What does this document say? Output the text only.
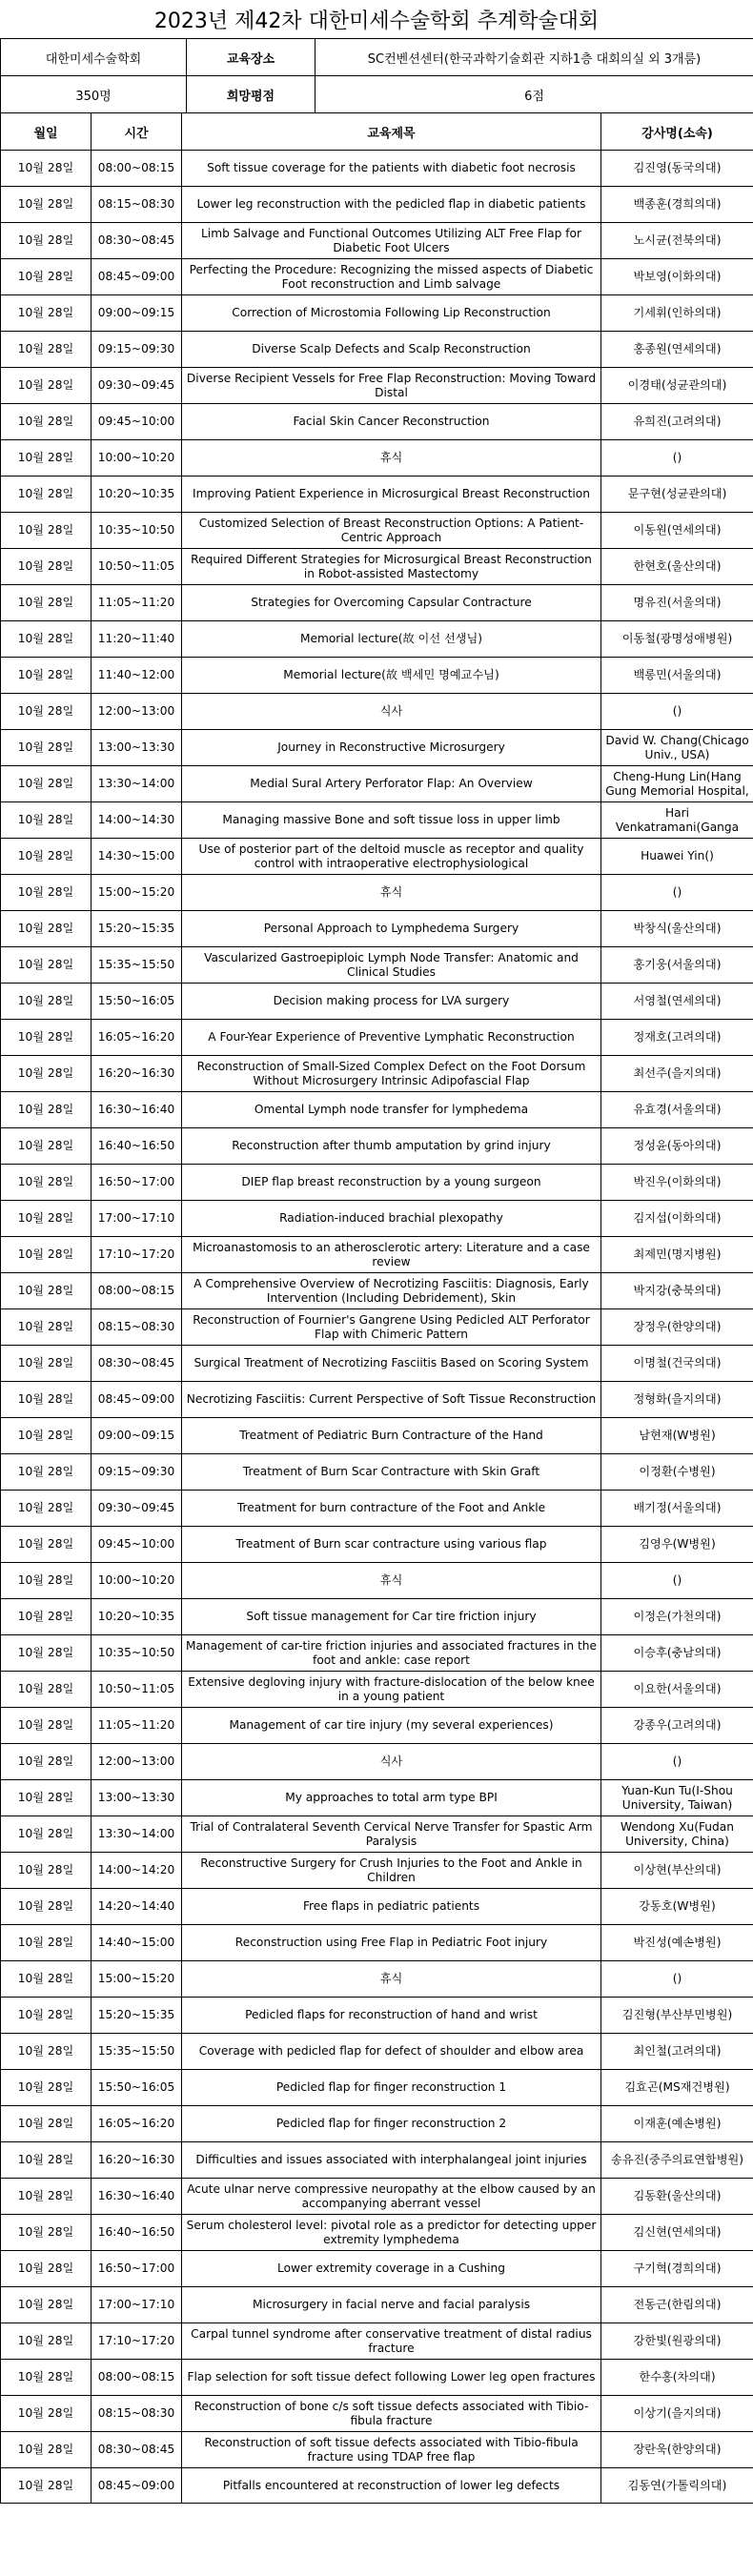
2023년 제42차 대한미세수술학회 추계학술대회
대한미세수술학회	교육장소	SC컨벤션센터(한국과학기술회관 지하1층 대회의실 외 3개룸)
350명	희망평점	6점
월일	시간	교육제목	강사명(소속)

10월 28일	08:00~08:15	Soft tissue coverage for the patients with diabetic foot necrosis	김진영(동국의대)

10월 28일	08:15~08:30	Lower leg reconstruction with the pedicled flap in diabetic patients	백종훈(경희의대)

10월 28일	08:30~08:45	Limb Salvage and Functional Outcomes Utilizing ALT Free Flap for Diabetic Foot Ulcers	노시균(전북의대)

10월 28일	08:45~09:00	Perfecting the Procedure: Recognizing the missed aspects of Diabetic Foot reconstruction and Limb salvage	박보영(이화의대)

10월 28일	09:00~09:15	Correction of Microstomia Following Lip Reconstruction	기세휘(인하의대)

10월 28일	09:15~09:30	Diverse Scalp Defects and Scalp Reconstruction	홍종원(연세의대)

10월 28일	09:30~09:45	Diverse Recipient Vessels for Free Flap Reconstruction: Moving Toward Distal	이경태(성균관의대)

10월 28일	09:45~10:00	Facial Skin Cancer Reconstruction	유희진(고려의대)

10월 28일	10:00~10:20	휴식	()

10월 28일	10:20~10:35	Improving Patient Experience in Microsurgical Breast Reconstruction	문구현(성균관의대)

10월 28일	10:35~10:50	Customized Selection of Breast Reconstruction Options: A Patient-Centric Approach	이동원(연세의대)

10월 28일	10:50~11:05	Required Different Strategies for Microsurgical Breast Reconstruction in Robot-assisted Mastectomy	한현호(울산의대)

10월 28일	11:05~11:20	Strategies for Overcoming Capsular Contracture	명유진(서울의대)

10월 28일	11:20~11:40	Memorial lecture(故 이선 선생님)	이동철(광명성애병원)

10월 28일	11:40~12:00	Memorial lecture(故 백세민 명예교수님)	백롱민(서울의대)

10월 28일	12:00~13:00	식사	()

10월 28일	13:00~13:30	Journey in Reconstructive Microsurgery	David W. Chang(Chicago Univ., USA)

10월 28일	13:30~14:00	Medial Sural Artery Perforator Flap: An Overview	Cheng-Hung Lin(Hang Gung Memorial Hospital,

10월 28일	14:00~14:30	Managing massive Bone and soft tissue loss in upper limb	Hari Venkatramani(Ganga

10월 28일	14:30~15:00	Use of posterior part of the deltoid muscle as receptor and quality control with intraoperative electrophysiological	Huawei Yin()

10월 28일	15:00~15:20	휴식	()

10월 28일	15:20~15:35	Personal Approach to Lymphedema Surgery	박창식(울산의대)

10월 28일	15:35~15:50	Vascularized Gastroepiploic Lymph Node Transfer: Anatomic and Clinical Studies	홍기웅(서울의대)

10월 28일	15:50~16:05	Decision making process for LVA surgery	서영철(연세의대)

10월 28일	16:05~16:20	A Four-Year Experience of Preventive Lymphatic Reconstruction	정재호(고려의대)

10월 28일	16:20~16:30	Reconstruction of Small-Sized Complex Defect on the Foot Dorsum Without Microsurgery Intrinsic Adipofascial Flap	최선주(을지의대)

10월 28일	16:30~16:40	Omental Lymph node transfer for lymphedema	유효경(서울의대)

10월 28일	16:40~16:50	Reconstruction after thumb amputation by grind injury	정성윤(동아의대)

10월 28일	16:50~17:00	DIEP flap breast reconstruction by a young surgeon	박진우(이화의대)

10월 28일	17:00~17:10	Radiation-induced brachial plexopathy	김지섭(이화의대)

10월 28일	17:10~17:20	Microanastomosis to an atherosclerotic artery: Literature and a case review	최제민(명지병원)

10월 28일	08:00~08:15	A Comprehensive Overview of Necrotizing Fasciitis: Diagnosis, Early Intervention (Including Debridement), Skin	박지강(충북의대)

10월 28일	08:15~08:30	Reconstruction of Fournier's Gangrene Using Pedicled ALT Perforator Flap with Chimeric Pattern	장정우(한양의대)

10월 28일	08:30~08:45	Surgical Treatment of Necrotizing Fasciitis Based on Scoring System	이명철(건국의대)

10월 28일	08:45~09:00	Necrotizing Fasciitis: Current Perspective of Soft Tissue Reconstruction	정형화(을지의대)

10월 28일	09:00~09:15	Treatment of Pediatric Burn Contracture of the Hand	남현재(W병원)

10월 28일	09:15~09:30	Treatment of Burn Scar Contracture with Skin Graft	이정환(수병원)

10월 28일	09:30~09:45	Treatment for burn contracture of the Foot and Ankle	배기정(서울의대)

10월 28일	09:45~10:00	Treatment of Burn scar contracture using various flap	김영우(W병원)

10월 28일	10:00~10:20	휴식	()

10월 28일	10:20~10:35	Soft tissue management for Car tire friction injury	이정은(가천의대)

10월 28일	10:35~10:50	Management of car-tire friction injuries and associated fractures in the foot and ankle: case report	이승후(충남의대)

10월 28일	10:50~11:05	Extensive degloving injury with fracture-dislocation of the below knee in a young patient	이요한(서울의대)

10월 28일	11:05~11:20	Management of car tire injury (my several experiences)	강종우(고려의대)

10월 28일	12:00~13:00	식사	()

10월 28일	13:00~13:30	My approaches to total arm type BPI	Yuan-Kun Tu(I-Shou University, Taiwan)

10월 28일	13:30~14:00	Trial of Contralateral Seventh Cervical Nerve Transfer for Spastic Arm Paralysis	Wendong Xu(Fudan University, China)

10월 28일	14:00~14:20	Reconstructive Surgery for Crush Injuries to the Foot and Ankle in Children	이상현(부산의대)

10월 28일	14:20~14:40	Free flaps in pediatric patients	강동호(W병원)

10월 28일	14:40~15:00	Reconstruction using Free Flap in Pediatric Foot injury	박진성(예손병원)

10월 28일	15:00~15:20	휴식	()

10월 28일	15:20~15:35	Pedicled flaps for reconstruction of hand and wrist	김진형(부산부민병원)

10월 28일	15:35~15:50	Coverage with pedicled flap for defect of shoulder and elbow area	최인철(고려의대)

10월 28일	15:50~16:05	Pedicled flap for finger reconstruction 1	김효곤(MS재건병원)

10월 28일	16:05~16:20	Pedicled flap for finger reconstruction 2	이재훈(예손병원)

10월 28일	16:20~16:30	Difficulties and issues associated with interphalangeal joint injuries	송유진(중주의료연합병원)

10월 28일	16:30~16:40	Acute ulnar nerve compressive neuropathy at the elbow caused by an accompanying aberrant vessel	김동환(울산의대)

10월 28일	16:40~16:50	Serum cholesterol level: pivotal role as a predictor for detecting upper extremity lymphedema	김신현(연세의대)

10월 28일	16:50~17:00	Lower extremity coverage in a Cushing	구기혁(경희의대)

10월 28일	17:00~17:10	Microsurgery in facial nerve and facial paralysis	전동근(한림의대)

10월 28일	17:10~17:20	Carpal tunnel syndrome after conservative treatment of distal radius fracture	강한빛(원광의대)

10월 28일	08:00~08:15	Flap selection for soft tissue defect following Lower leg open fractures	한수홍(차의대)

10월 28일	08:15~08:30	Reconstruction of bone c/s soft tissue defects associated with Tibio-fibula fracture	이상기(을지의대)

10월 28일	08:30~08:45	Reconstruction of soft tissue defects associated with Tibio-fibula fracture using TDAP free flap	장란욱(한양의대)

10월 28일	08:45~09:00	Pitfalls encountered at reconstruction of lower leg defects	김동연(가톨릭의대)
